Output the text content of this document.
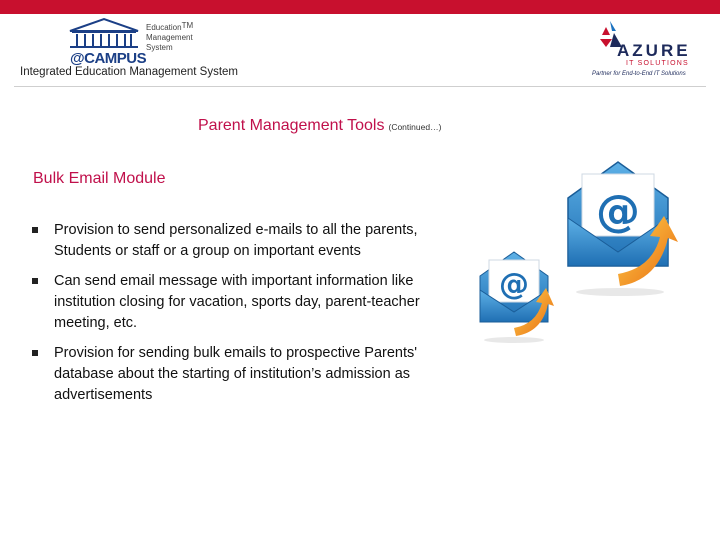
@CAMPUS
EducationTM
Management
System
Integrated Education Management System
AZURE
IT SOLUTIONS
Partner for End-to-End IT Solutions
Parent Management Tools (Continued…)
Bulk Email Module
Provision to send personalized e-mails to all the parents, Students or staff or a group on important events
Can send email message with important information like institution closing for vacation, sports day, parent-teacher meeting, etc.
Provision for sending bulk emails to prospective Parents' database about the starting of institution’s admission as advertisements
@
@
